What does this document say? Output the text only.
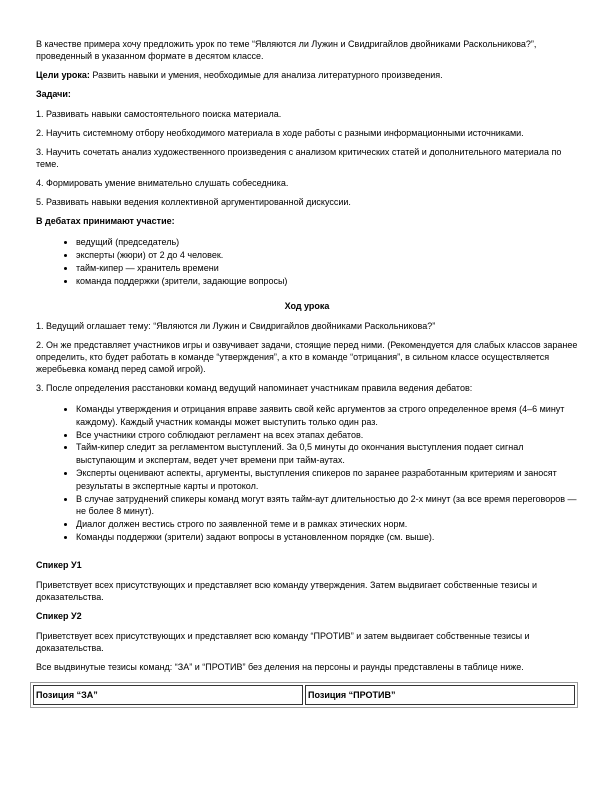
В качестве примера хочу предложить урок по теме “Являются ли Лужин и Свидригайлов двойниками Раскольникова?”, проведенный в указанном формате в десятом классе.

Цели урока: Развить навыки и умения, необходимые для анализа литературного произведения.

Задачи:

1. Развивать навыки самостоятельного поиска материала.

2. Научить системному отбору необходимого материала в ходе работы с разными информационными источниками.

3. Научить сочетать анализ художественного произведения с анализом критических статей и дополнительного материала по теме.

4. Формировать умение внимательно слушать собеседника.

5. Развивать навыки ведения коллективной аргументированной дискуссии.

В дебатах принимают участие:

• ведущий (председатель)
• эксперты (жюри) от 2 до 4 человек.
• тайм-кипер — хранитель времени
• команда поддержки (зрители, задающие вопросы)

Ход урока

1. Ведущий оглашает тему: “Являются ли Лужин и Свидригайлов двойниками Раскольникова?”

2. Он же представляет участников игры и озвучивает задачи, стоящие перед ними. (Рекомендуется для слабых классов заранее определить, кто будет работать в команде “утверждения”, а кто в команде “отрицания”, в сильном классе осуществляется жеребьевка команд перед самой игрой).

3. После определения расстановки команд ведущий напоминает участникам правила ведения дебатов:

• Команды утверждения и отрицания вправе заявить свой кейс аргументов за строго определенное время (4–6 минут каждому). Каждый участник команды может выступить только один раз.
• Все участники строго соблюдают регламент на всех этапах дебатов.
• Тайм-кипер следит за регламентом выступлений. За 0,5 минуты до окончания выступления подает сигнал выступающим и экспертам, ведет учет времени при тайм-аутах.
• Эксперты оценивают аспекты, аргументы, выступления спикеров по заранее разработанным критериям и заносят результаты в экспертные карты и протокол.
• В случае затруднений спикеры команд могут взять тайм-аут длительностью до 2-х минут (за все время переговоров — не более 8 минут).
• Диалог должен вестись строго по заявленной теме и в рамках этических норм.
• Команды поддержки (зрители) задают вопросы в установленном порядке (см. выше).

Спикер У1

Приветствует всех присутствующих и представляет всю команду утверждения. Затем выдвигает собственные тезисы и доказательства.

Спикер У2

Приветствует всех присутствующих и представляет всю команду “ПРОТИВ” и затем выдвигает собственные тезисы и доказательства.

Все выдвинутые тезисы команд: “ЗА” и “ПРОТИВ” без деления на персоны и раунды представлены в таблице ниже.

Позиция “ЗА”	Позиция “ПРОТИВ”
